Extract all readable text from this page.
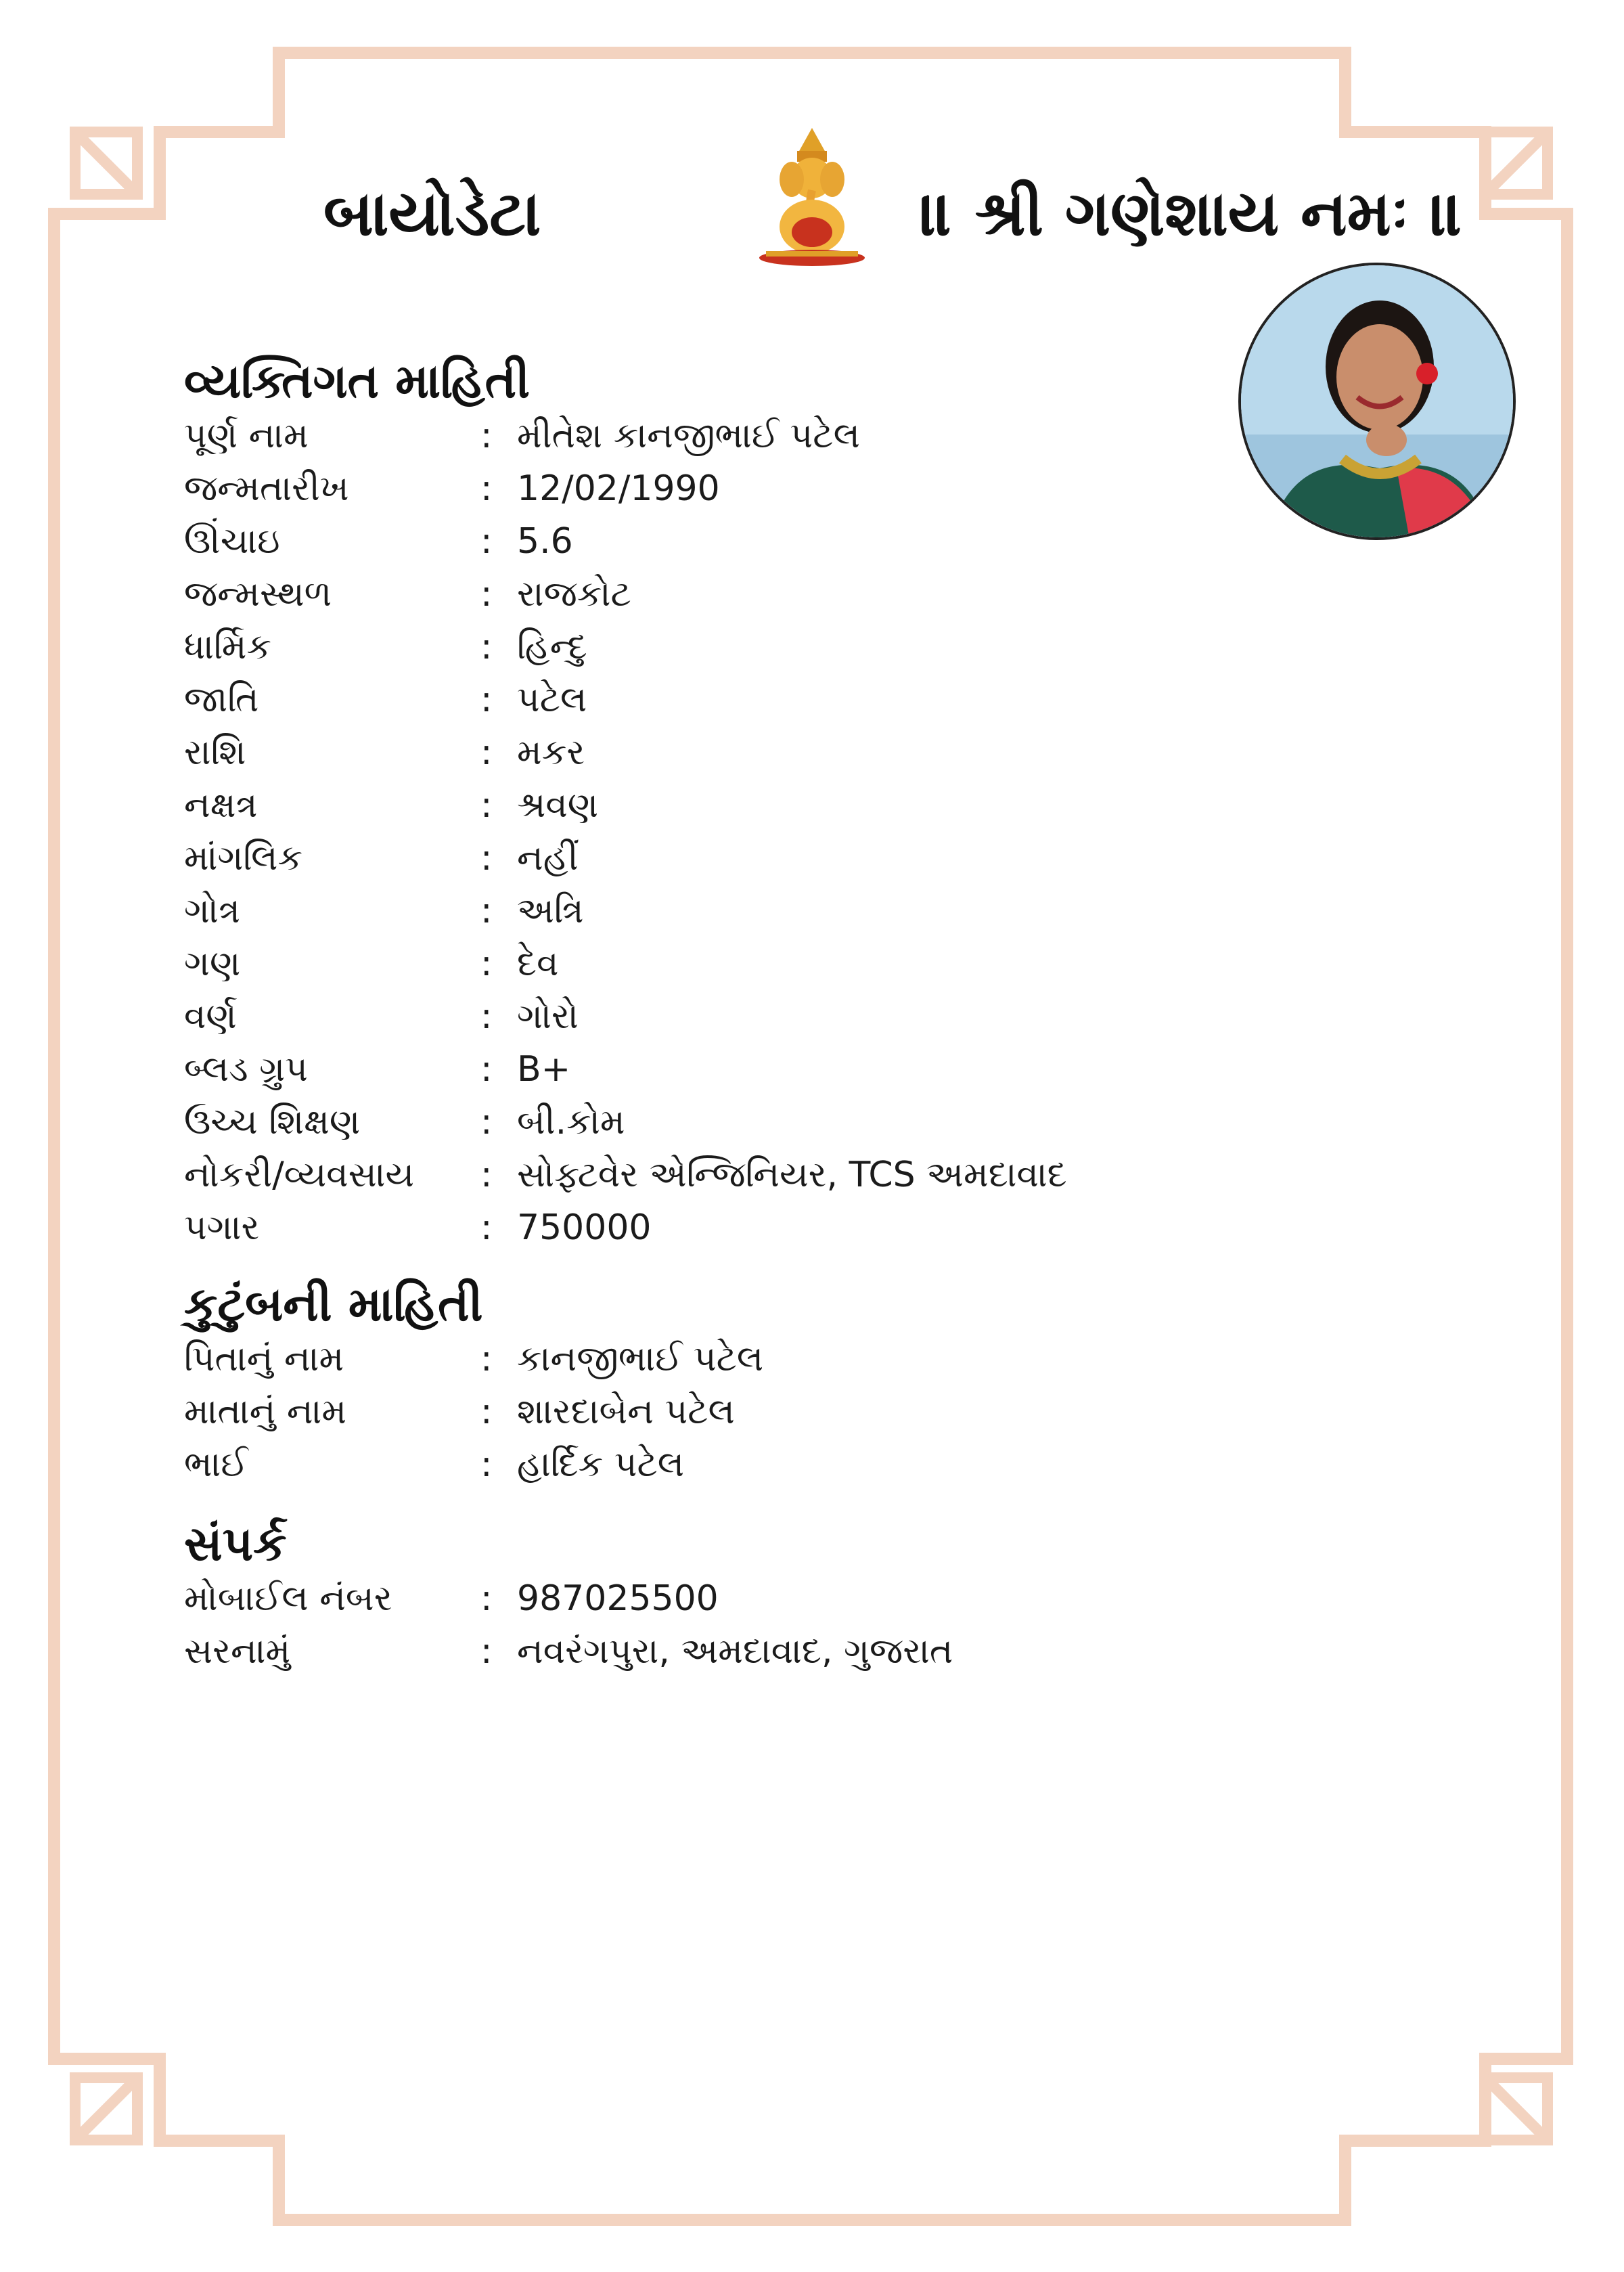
બાયોડેટા	॥ શ્રી ગણેશાય નમઃ ॥
વ્યક્તિગત માહિતી
પૂર્ણ નામ	: મીતેશ કાનજીભાઈ પટેલ
જન્મતારીખ	: 12/02/1990
ઊંચાઇ	: 5.6
જન્મસ્થળ	: રાજકોટ
ધાર્મિક	: હિન્દુ
જાતિ	: પટેલ
રાશિ	: મકર
નક્ષત્ર	: શ્રવણ
માંગલિક	: નહીં
ગોત્ર	: અત્રિ
ગણ	: દેવ
વર્ણ	: ગોરો
બ્લડ ગ્રુપ	: B+
ઉચ્ચ શિક્ષણ	: બી.કોમ
નોકરી/વ્યવસાય : સોફ્ટવેર એન્જિનિયર, TCS અમદાવાદ
પગાર	: 750000
કુટુંબની માહિતી
પિતાનું નામ	: કાનજીભાઈ પટેલ
માતાનું નામ	: શારદાબેન પટેલ
ભાઈ	: હાર્દિક પટેલ
સંપર્ક
મોબાઈલ નંબર	: 987025500
સરનામું	: નવરંગપુરા, અમદાવાદ, ગુજરાત
